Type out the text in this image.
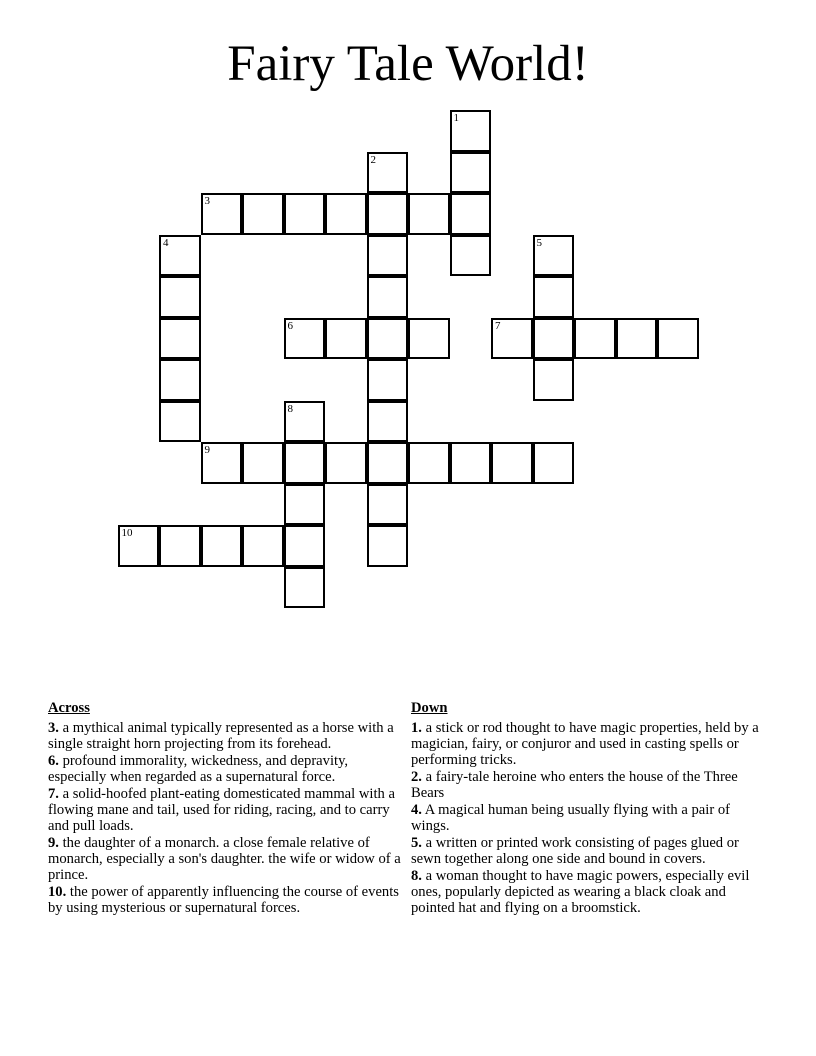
Fairy Tale World!
1
2
3
4	5
6	7
8
9
10
Across
3. a mythical animal typically represented as a horse with a single straight horn projecting from its forehead.
6. profound immorality, wickedness, and depravity, especially when regarded as a supernatural force.
7. a solid-hoofed plant-eating domesticated mammal with a flowing mane and tail, used for riding, racing, and to carry and pull loads.
9. the daughter of a monarch. a close female relative of monarch, especially a son's daughter. the wife or widow of a prince.
10. the power of apparently influencing the course of events by using mysterious or supernatural forces.
Down
1. a stick or rod thought to have magic properties, held by a magician, fairy, or conjuror and used in casting spells or performing tricks.
2. a fairy-tale heroine who enters the house of the Three Bears
4. A magical human being usually flying with a pair of wings.
5. a written or printed work consisting of pages glued or sewn together along one side and bound in covers.
8. a woman thought to have magic powers, especially evil ones, popularly depicted as wearing a black cloak and pointed hat and flying on a broomstick.
